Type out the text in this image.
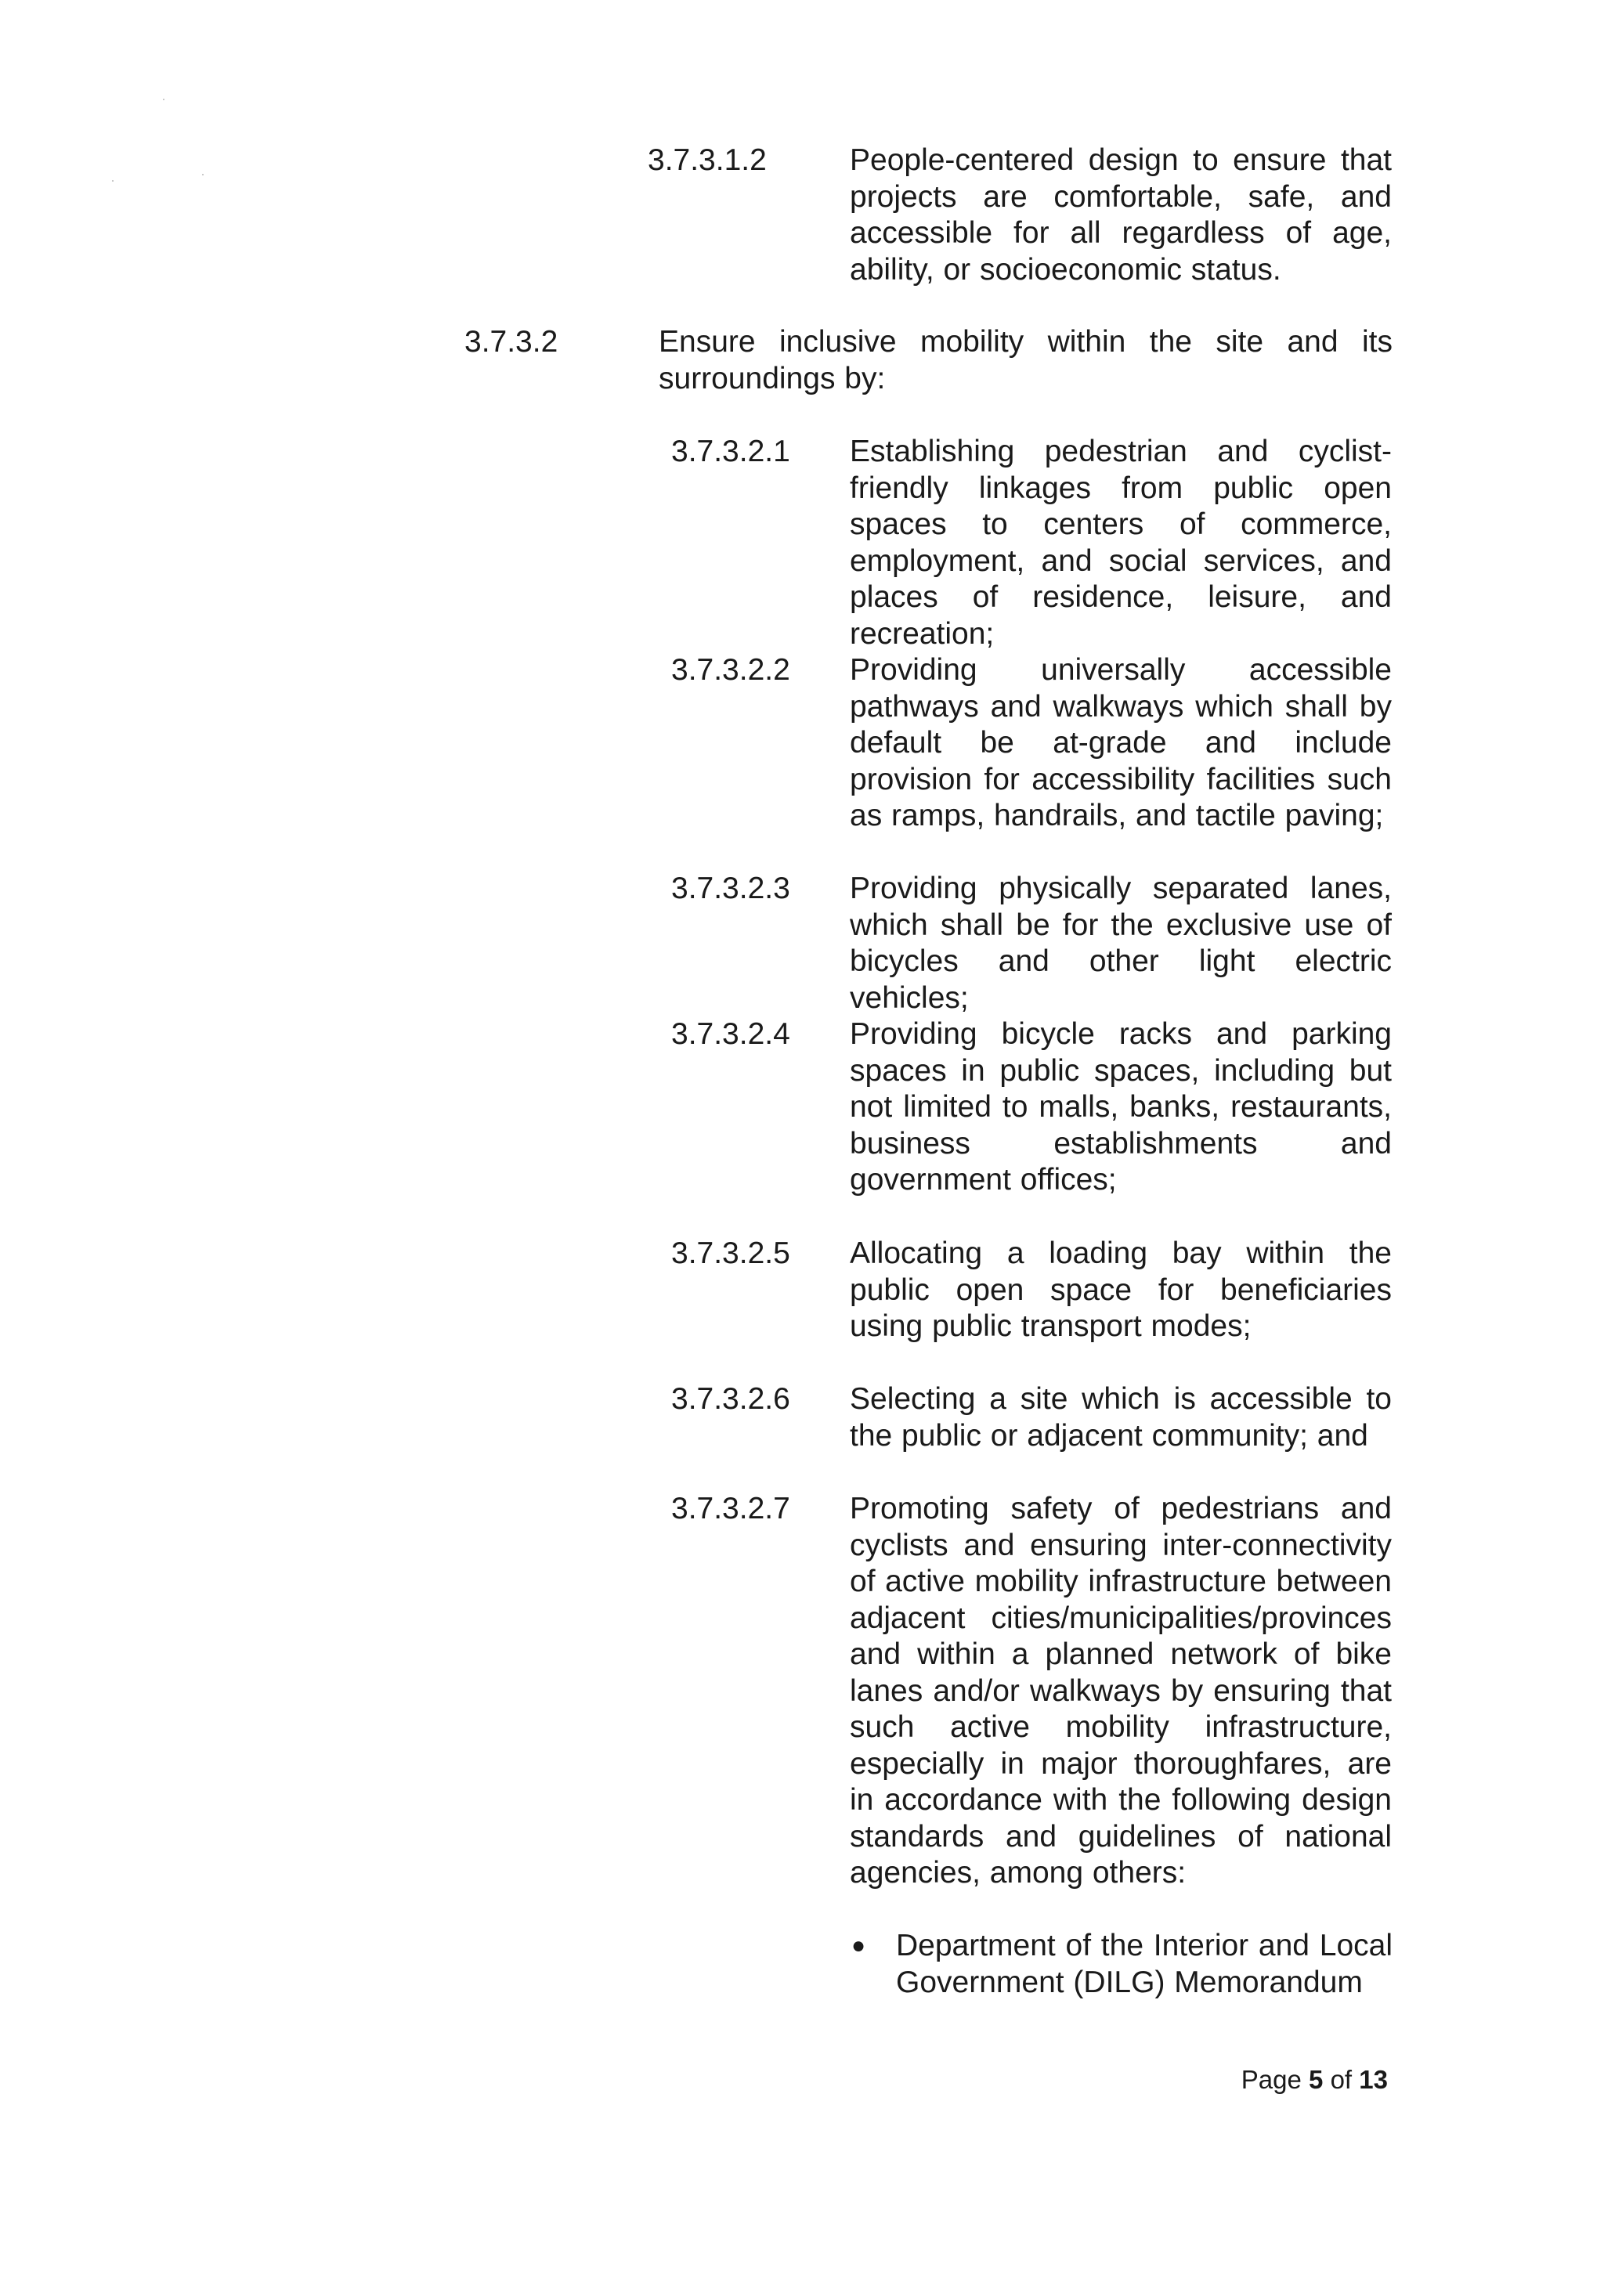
3.7.3.1.2	People-centered design to ensure that projects are comfortable, safe, and accessible for all regardless of age, ability, or socioeconomic status.
3.7.3.2	Ensure inclusive mobility within the site and its surroundings by:
3.7.3.2.1	Establishing pedestrian and cyclist-friendly linkages from public open spaces to centers of commerce, employment, and social services, and places of residence, leisure, and recreation;
3.7.3.2.2	Providing universally accessible pathways and walkways which shall by default be at-grade and include provision for accessibility facilities such as ramps, handrails, and tactile paving;
3.7.3.2.3	Providing physically separated lanes, which shall be for the exclusive use of bicycles and other light electric vehicles;
3.7.3.2.4	Providing bicycle racks and parking spaces in public spaces, including but not limited to malls, banks, restaurants, business establishments and government offices;
3.7.3.2.5	Allocating a loading bay within the public open space for beneficiaries using public transport modes;
3.7.3.2.6	Selecting a site which is accessible to the public or adjacent community; and
3.7.3.2.7	Promoting safety of pedestrians and cyclists and ensuring inter-connectivity of active mobility infrastructure between adjacent cities/municipalities/provinces and within a planned network of bike lanes and/or walkways by ensuring that such active mobility infrastructure, especially in major thoroughfares, are in accordance with the following design standards and guidelines of national agencies, among others:
● Department of the Interior and Local Government (DILG) Memorandum
Page 5 of 13
